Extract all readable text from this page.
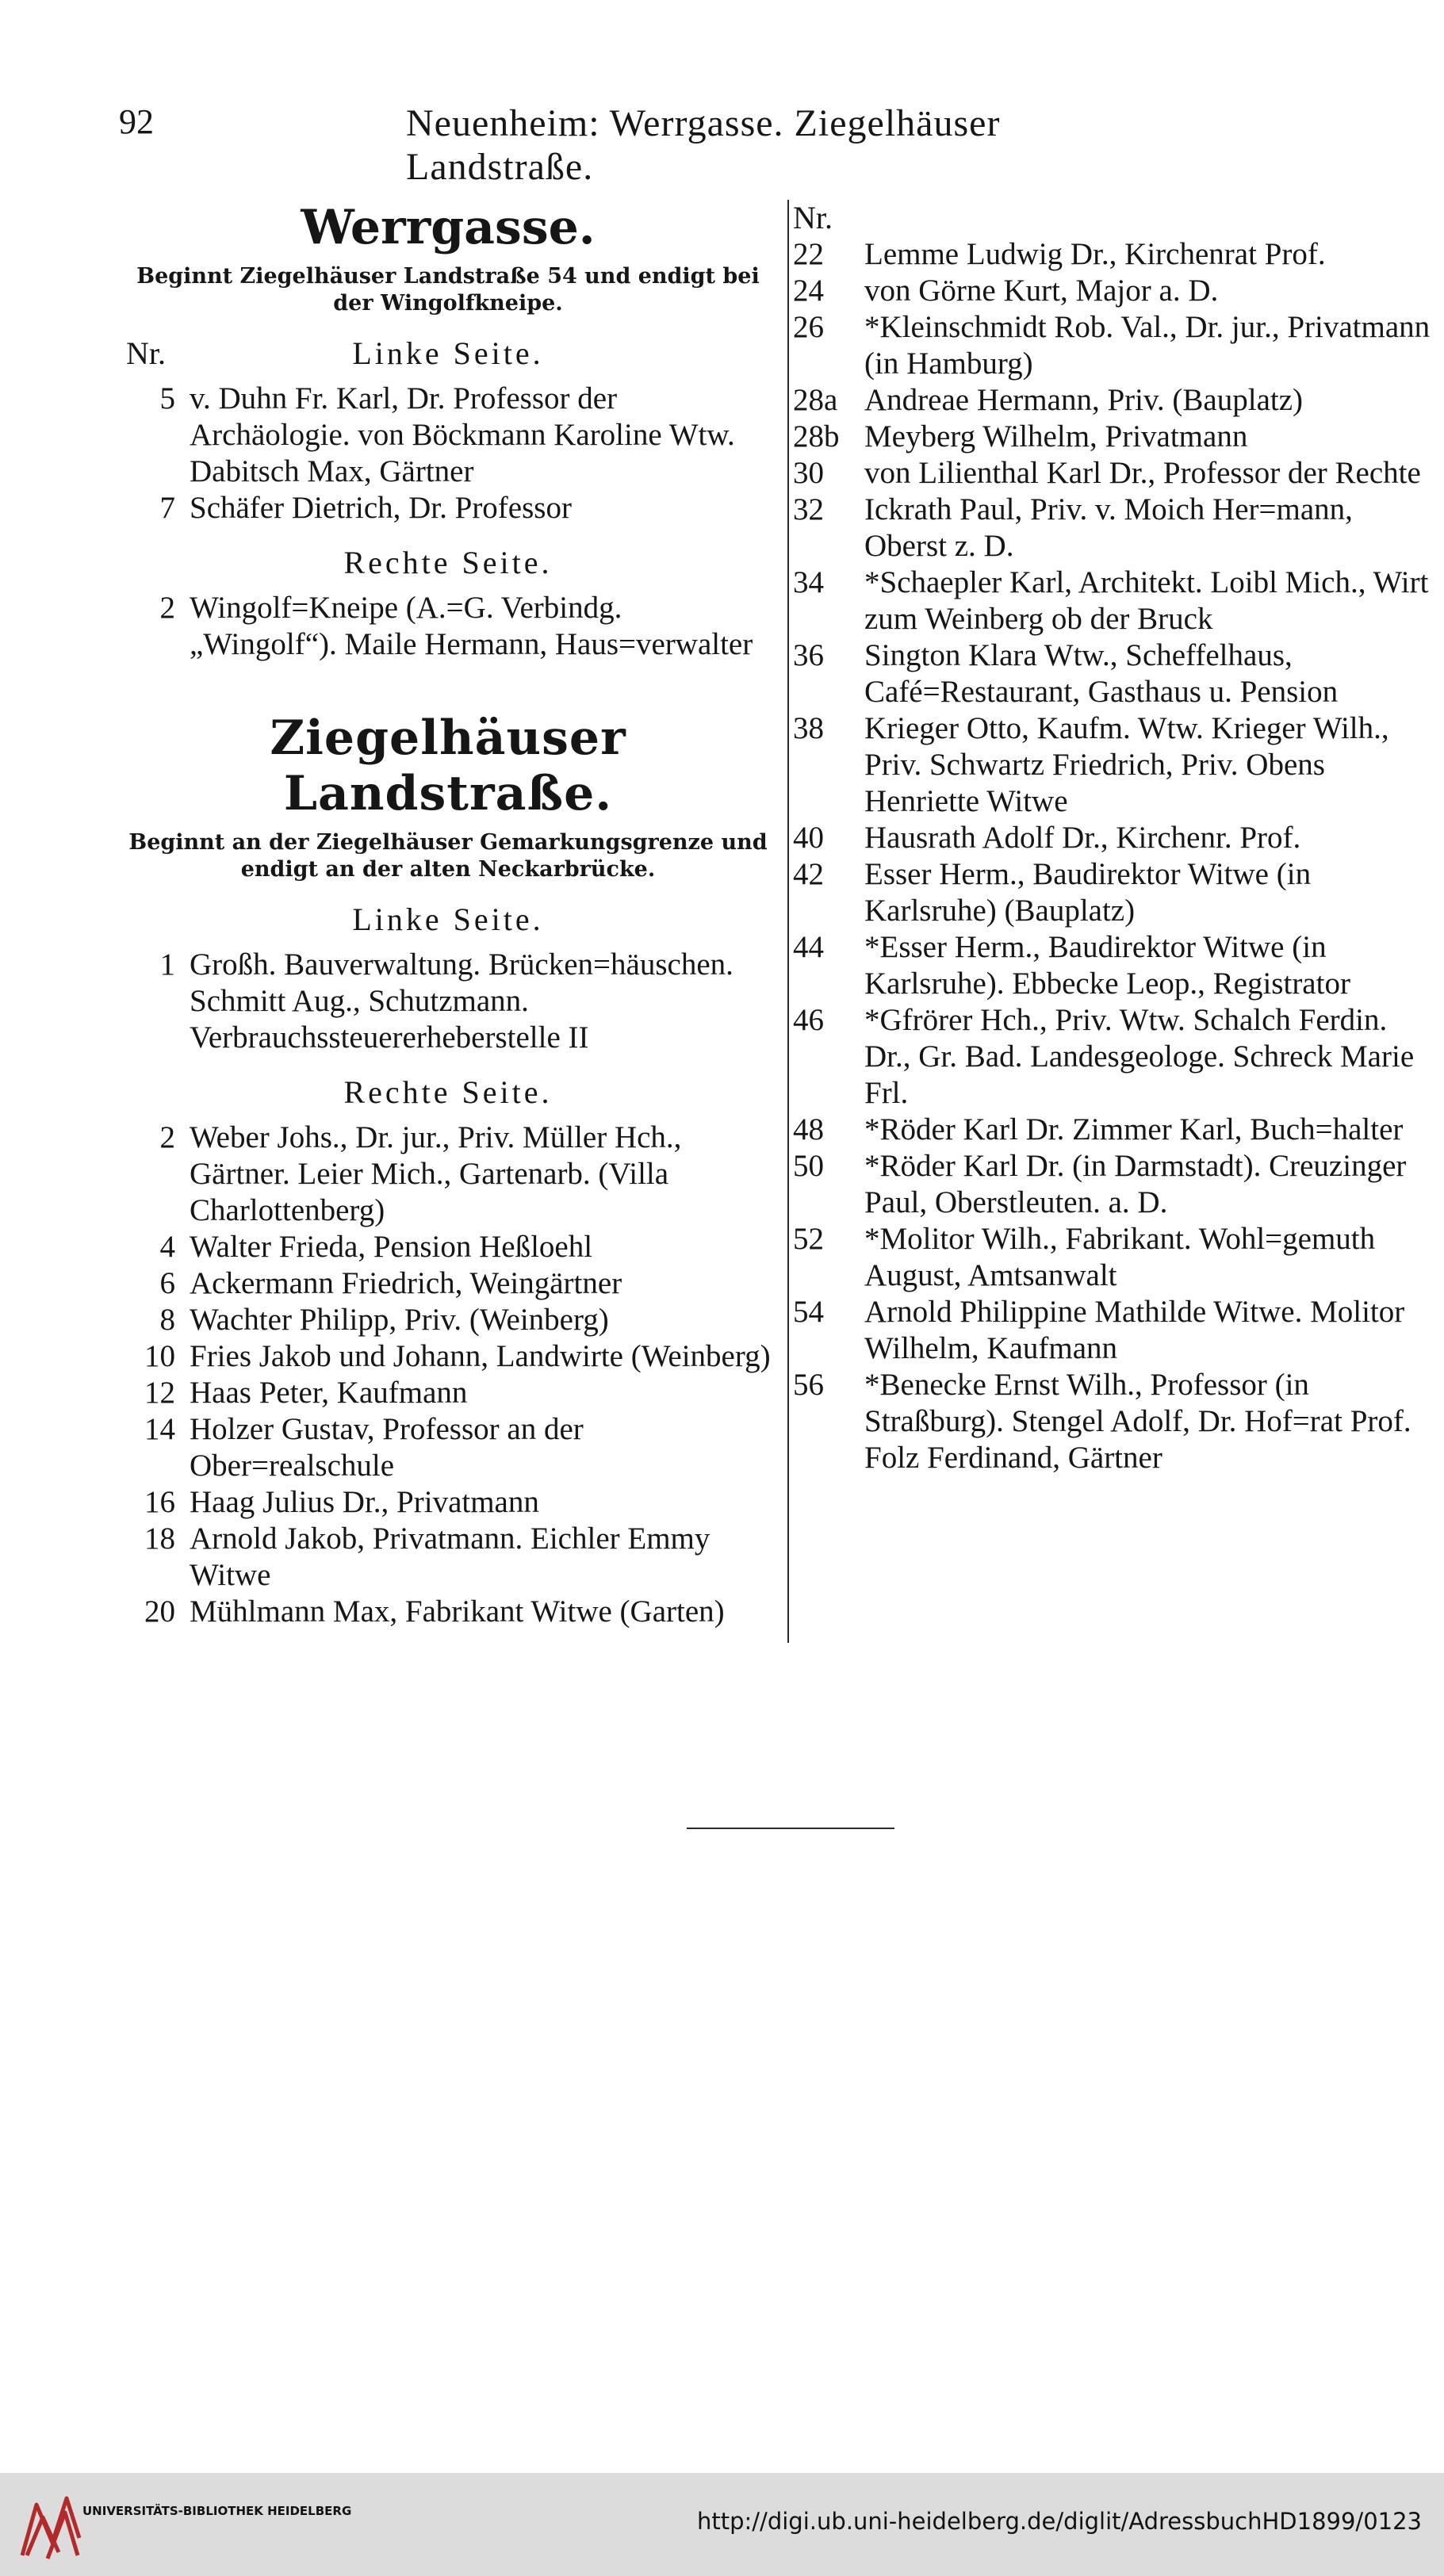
92	Neuenheim: Werrgasse. Ziegelhäuser Landstraße.
Werrgasse.

Beginnt Ziegelhäuser Landstraße 54 und endigt bei der Wingolfkneipe.

Nr.	Linke Seite.
5 v. Duhn Fr. Karl, Dr. Professor der Archäologie. von Böckmann Karoline Wtw. Dabitsch Max, Gärtner
7 Schäfer Dietrich, Dr. Professor
Rechte Seite.
2 Wingolf=Kneipe (A.=G. Verbindg. „Wingolf“). Maile Hermann, Haus=verwalter
Ziegelhäuser Landstraße.

Beginnt an der Ziegelhäuser Gemarkungsgrenze und endigt an der alten Neckarbrücke.

Linke Seite.
1 Großh. Bauverwaltung. Brücken=häuschen. Schmitt Aug., Schutzmann. Verbrauchssteuererheberstelle II
Rechte Seite.
2 Weber Johs., Dr. jur., Priv. Müller Hch., Gärtner. Leier Mich., Gartenarb. (Villa Charlottenberg)
4 Walter Frieda, Pension Heßloehl
6 Ackermann Friedrich, Weingärtner
8 Wachter Philipp, Priv. (Weinberg)
10 Fries Jakob und Johann, Landwirte (Weinberg)
12 Haas Peter, Kaufmann
14 Holzer Gustav, Professor an der Ober=realschule
16 Haag Julius Dr., Privatmann
18 Arnold Jakob, Privatmann. Eichler Emmy Witwe
20 Mühlmann Max, Fabrikant Witwe (Garten)
Nr.
22	Lemme Ludwig Dr., Kirchenrat Prof.
24	von Görne Kurt, Major a. D.
26	*Kleinschmidt Rob. Val., Dr. jur., Privatmann (in Hamburg)
28a Andreae Hermann, Priv. (Bauplatz)
28b Meyberg Wilhelm, Privatmann
30	von Lilienthal Karl Dr., Professor der Rechte
32	Ickrath Paul, Priv. v. Moich Her=mann, Oberst z. D.
34	*Schaepler Karl, Architekt. Loibl Mich., Wirt zum Weinberg ob der Bruck
36	Sington Klara Wtw., Scheffelhaus, Café=Restaurant, Gasthaus u. Pension
38	Krieger Otto, Kaufm. Wtw. Krieger Wilh., Priv. Schwartz Friedrich, Priv. Obens Henriette Witwe
40	Hausrath Adolf Dr., Kirchenr. Prof.
42	Esser Herm., Baudirektor Witwe (in Karlsruhe) (Bauplatz)
44	*Esser Herm., Baudirektor Witwe (in Karlsruhe). Ebbecke Leop., Registrator
46	*Gfrörer Hch., Priv. Wtw. Schalch Ferdin. Dr., Gr. Bad. Landesgeologe. Schreck Marie Frl.
48	*Röder Karl Dr. Zimmer Karl, Buch=halter
50	*Röder Karl Dr. (in Darmstadt). Creuzinger Paul, Oberstleuten. a. D.
52	*Molitor Wilh., Fabrikant. Wohl=gemuth August, Amtsanwalt
54	Arnold Philippine Mathilde Witwe. Molitor Wilhelm, Kaufmann
56	*Benecke Ernst Wilh., Professor (in Straßburg). Stengel Adolf, Dr. Hof=rat Prof. Folz Ferdinand, Gärtner
UNIVERSITÄTS-BIBLIOTHEK HEIDELBERG	http://digi.ub.uni-heidelberg.de/diglit/AdressbuchHD1899/0123
